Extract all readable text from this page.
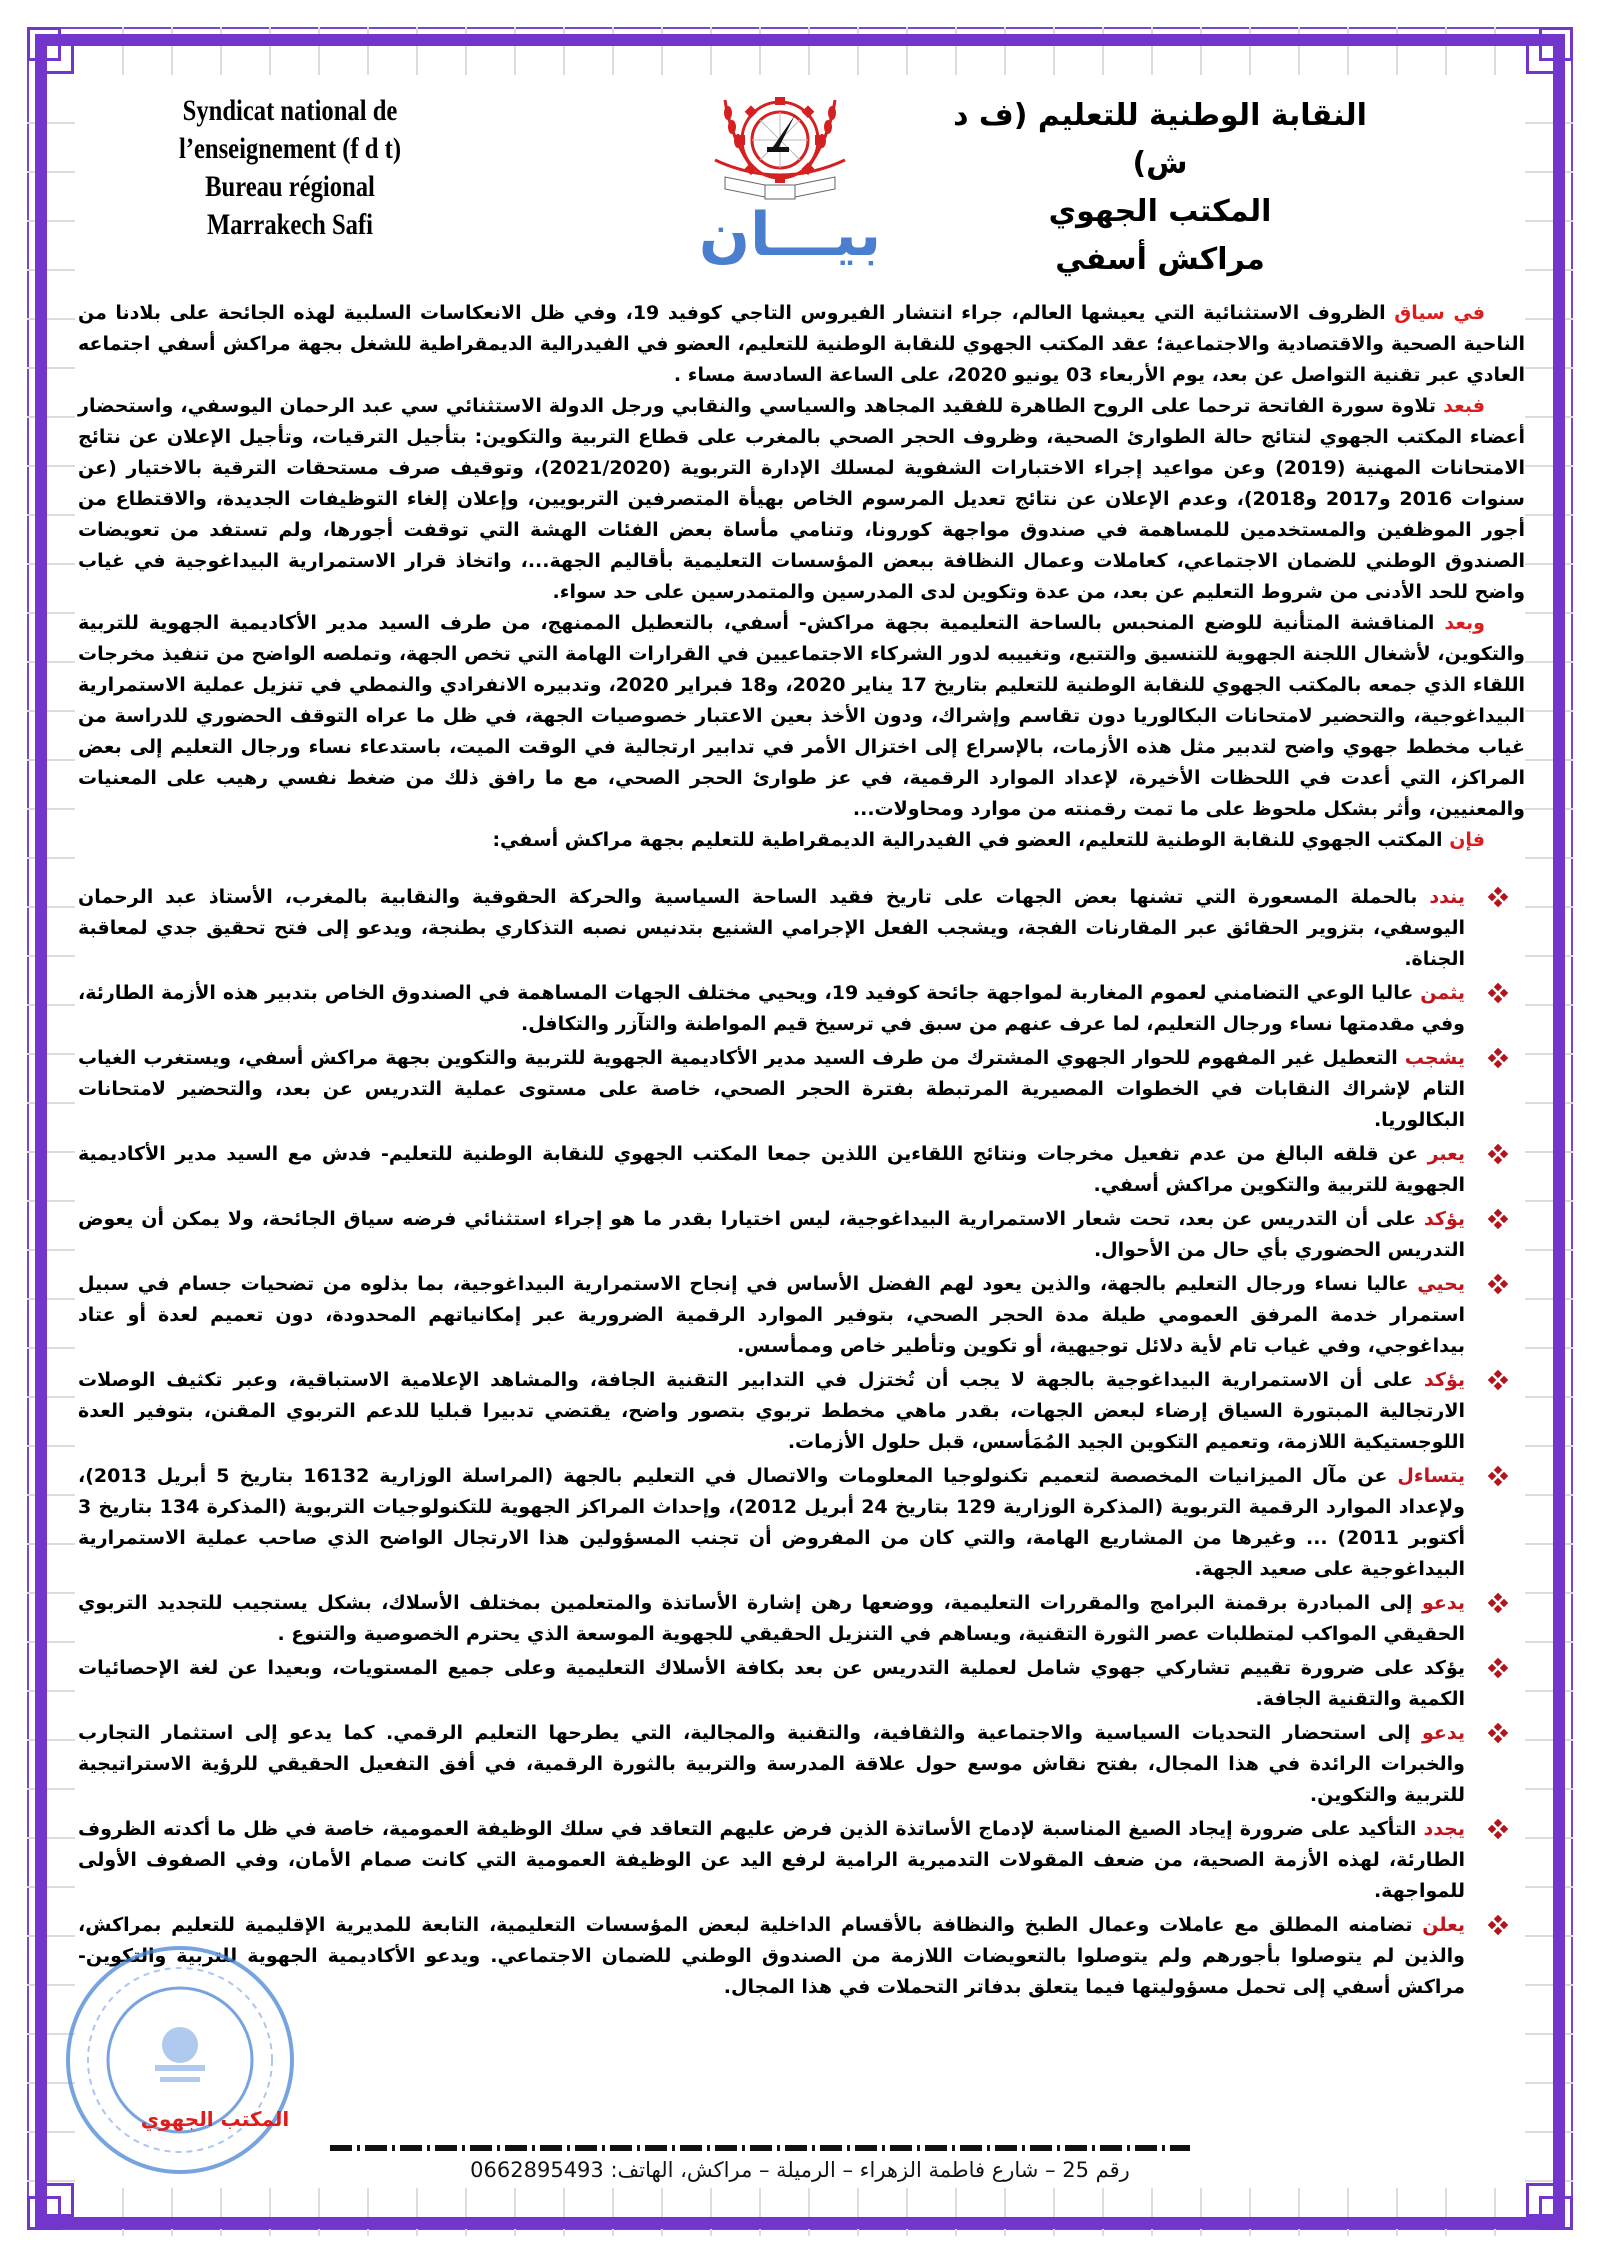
Syndicat national de l’enseignement (f d t)
Bureau régional
Marrakech Safi
النقابة الوطنية للتعليم (ف د ش)
المكتب الجهوي
مراكش أسفي
بيـــان

في سياق الظروف الاستثنائية التي يعيشها العالم، جراء انتشار الفيروس التاجي كوفيد 19، وفي ظل الانعكاسات السلبية لهذه الجائحة على بلادنا من الناحية الصحية والاقتصادية والاجتماعية؛ عقد المكتب الجهوي للنقابة الوطنية للتعليم، العضو في الفيدرالية الديمقراطية للشغل بجهة مراكش أسفي اجتماعه العادي عبر تقنية التواصل عن بعد، يوم الأربعاء 03 يونيو 2020، على الساعة السادسة مساء .

فبعد تلاوة سورة الفاتحة ترحما على الروح الطاهرة للفقيد المجاهد والسياسي والنقابي ورجل الدولة الاستثنائي سي عبد الرحمان اليوسفي، واستحضار أعضاء المكتب الجهوي لنتائج حالة الطوارئ الصحية، وظروف الحجر الصحي بالمغرب على قطاع التربية والتكوين: بتأجيل الترقيات، وتأجيل الإعلان عن نتائج الامتحانات المهنية (2019) وعن مواعيد إجراء الاختبارات الشفوية لمسلك الإدارة التربوية (2021/2020)، وتوقيف صرف مستحقات الترقية بالاختيار (عن سنوات 2016 و2017 و2018)، وعدم الإعلان عن نتائج تعديل المرسوم الخاص بهيأة المتصرفين التربويين، وإعلان إلغاء التوظيفات الجديدة، والاقتطاع من أجور الموظفين والمستخدمين للمساهمة في صندوق مواجهة كورونا، وتنامي مأساة بعض الفئات الهشة التي توقفت أجورها، ولم تستفد من تعويضات الصندوق الوطني للضمان الاجتماعي، كعاملات وعمال النظافة ببعض المؤسسات التعليمية بأقاليم الجهة...، واتخاذ قرار الاستمرارية البيداغوجية في غياب واضح للحد الأدنى من شروط التعليم عن بعد، من عدة وتكوين لدى المدرسين والمتمدرسين على حد سواء.

وبعد المناقشة المتأنية للوضع المنحبس بالساحة التعليمية بجهة مراكش- أسفي، بالتعطيل الممنهج، من طرف السيد مدير الأكاديمية الجهوية للتربية والتكوين، لأشغال اللجنة الجهوية للتنسيق والتتبع، وتغييبه لدور الشركاء الاجتماعيين في القرارات الهامة التي تخص الجهة، وتملصه الواضح من تنفيذ مخرجات اللقاء الذي جمعه بالمكتب الجهوي للنقابة الوطنية للتعليم بتاريخ 17 يناير 2020، و18 فبراير 2020، وتدبيره الانفرادي والنمطي في تنزيل عملية الاستمرارية البيداغوجية، والتحضير لامتحانات البكالوريا دون تقاسم وإشراك، ودون الأخذ بعين الاعتبار خصوصيات الجهة، في ظل ما عراه التوقف الحضوري للدراسة من غياب مخطط جهوي واضح لتدبير مثل هذه الأزمات، بالإسراع إلى اختزال الأمر في تدابير ارتجالية في الوقت الميت، باستدعاء نساء ورجال التعليم إلى بعض المراكز، التي أعدت في اللحظات الأخيرة، لإعداد الموارد الرقمية، في عز طوارئ الحجر الصحي، مع ما رافق ذلك من ضغط نفسي رهيب على المعنيات والمعنيين، وأثر بشكل ملحوظ على ما تمت رقمنته من موارد ومحاولات...

فإن المكتب الجهوي للنقابة الوطنية للتعليم، العضو في الفيدرالية الديمقراطية للتعليم بجهة مراكش أسفي:

يندد بالحملة المسعورة التي تشنها بعض الجهات على تاريخ فقيد الساحة السياسية والحركة الحقوقية والنقابية بالمغرب، الأستاذ عبد الرحمان اليوسفي، بتزوير الحقائق عبر المقارنات الفجة، ويشجب الفعل الإجرامي الشنيع بتدنيس نصبه التذكاري بطنجة، ويدعو إلى فتح تحقيق جدي لمعاقبة الجناة.
يثمن عاليا الوعي التضامني لعموم المغاربة لمواجهة جائحة كوفيد 19، ويحيي مختلف الجهات المساهمة في الصندوق الخاص بتدبير هذه الأزمة الطارئة، وفي مقدمتها نساء ورجال التعليم، لما عرف عنهم من سبق في ترسيخ قيم المواطنة والتآزر والتكافل.
يشجب التعطيل غير المفهوم للحوار الجهوي المشترك من طرف السيد مدير الأكاديمية الجهوية للتربية والتكوين بجهة مراكش أسفي، ويستغرب الغياب التام لإشراك النقابات في الخطوات المصيرية المرتبطة بفترة الحجر الصحي، خاصة على مستوى عملية التدريس عن بعد، والتحضير لامتحانات البكالوريا.
يعبر عن قلقه البالغ من عدم تفعيل مخرجات ونتائج اللقاءين اللذين جمعا المكتب الجهوي للنقابة الوطنية للتعليم- فدش مع السيد مدير الأكاديمية الجهوية للتربية والتكوين مراكش أسفي.
يؤكد على أن التدريس عن بعد، تحت شعار الاستمرارية البيداغوجية، ليس اختيارا بقدر ما هو إجراء استثنائي فرضه سياق الجائحة، ولا يمكن أن يعوض التدريس الحضوري بأي حال من الأحوال.
يحيي عاليا نساء ورجال التعليم بالجهة، والذين يعود لهم الفضل الأساس في إنجاح الاستمرارية البيداغوجية، بما بذلوه من تضحيات جسام في سبيل استمرار خدمة المرفق العمومي طيلة مدة الحجر الصحي، بتوفير الموارد الرقمية الضرورية عبر إمكانياتهم المحدودة، دون تعميم لعدة أو عتاد بيداغوجي، وفي غياب تام لأية دلائل توجيهية، أو تكوين وتأطير خاص وممأسس.
يؤكد على أن الاستمرارية البيداغوجية بالجهة لا يجب أن تُختزل في التدابير التقنية الجافة، والمشاهد الإعلامية الاستباقية، وعبر تكثيف الوصلات الارتجالية المبتورة السياق إرضاء لبعض الجهات، بقدر ماهي مخطط تربوي بتصور واضح، يقتضي تدبيرا قبليا للدعم التربوي المقنن، بتوفير العدة اللوجستيكية اللازمة، وتعميم التكوين الجيد المُمَأسس، قبل حلول الأزمات.
يتساءل عن مآل الميزانيات المخصصة لتعميم تكنولوجيا المعلومات والاتصال في التعليم بالجهة (المراسلة الوزارية 16132 بتاريخ 5 أبريل 2013)، ولإعداد الموارد الرقمية التربوية (المذكرة الوزارية 129 بتاريخ 24 أبريل 2012)، وإحداث المراكز الجهوية للتكنولوجيات التربوية (المذكرة 134 بتاريخ 3 أكتوبر 2011) ... وغيرها من المشاريع الهامة، والتي كان من المفروض أن تجنب المسؤولين هذا الارتجال الواضح الذي صاحب عملية الاستمرارية البيداغوجية على صعيد الجهة.
يدعو إلى المبادرة برقمنة البرامج والمقررات التعليمية، ووضعها رهن إشارة الأساتذة والمتعلمين بمختلف الأسلاك، بشكل يستجيب للتجديد التربوي الحقيقي المواكب لمتطلبات عصر الثورة التقنية، ويساهم في التنزيل الحقيقي للجهوية الموسعة الذي يحترم الخصوصية والتنوع .
يؤكد على ضرورة تقييم تشاركي جهوي شامل لعملية التدريس عن بعد بكافة الأسلاك التعليمية وعلى جميع المستويات، وبعيدا عن لغة الإحصائيات الكمية والتقنية الجافة.
يدعو إلى استحضار التحديات السياسية والاجتماعية والثقافية، والتقنية والمجالية، التي يطرحها التعليم الرقمي. كما يدعو إلى استثمار التجارب والخبرات الرائدة في هذا المجال، بفتح نقاش موسع حول علاقة المدرسة والتربية بالثورة الرقمية، في أفق التفعيل الحقيقي للرؤية الاستراتيجية للتربية والتكوين.
يجدد التأكيد على ضرورة إيجاد الصيغ المناسبة لإدماج الأساتذة الذين فرض عليهم التعاقد في سلك الوظيفة العمومية، خاصة في ظل ما أكدته الظروف الطارئة، لهذه الأزمة الصحية، من ضعف المقولات التدميرية الرامية لرفع اليد عن الوظيفة العمومية التي كانت صمام الأمان، وفي الصفوف الأولى للمواجهة.
يعلن تضامنه المطلق مع عاملات وعمال الطبخ والنظافة بالأقسام الداخلية لبعض المؤسسات التعليمية، التابعة للمديرية الإقليمية للتعليم بمراكش، والذين لم يتوصلوا بأجورهم ولم يتوصلوا بالتعويضات اللازمة من الصندوق الوطني للضمان الاجتماعي. ويدعو الأكاديمية الجهوية للتربية والتكوين- مراكش أسفي إلى تحمل مسؤوليتها فيما يتعلق بدفاتر التحملات في هذا المجال.
المكتب الجهوي
رقم 25 – شارع فاطمة الزهراء – الرميلة – مراكش، الهاتف: 0662895493
